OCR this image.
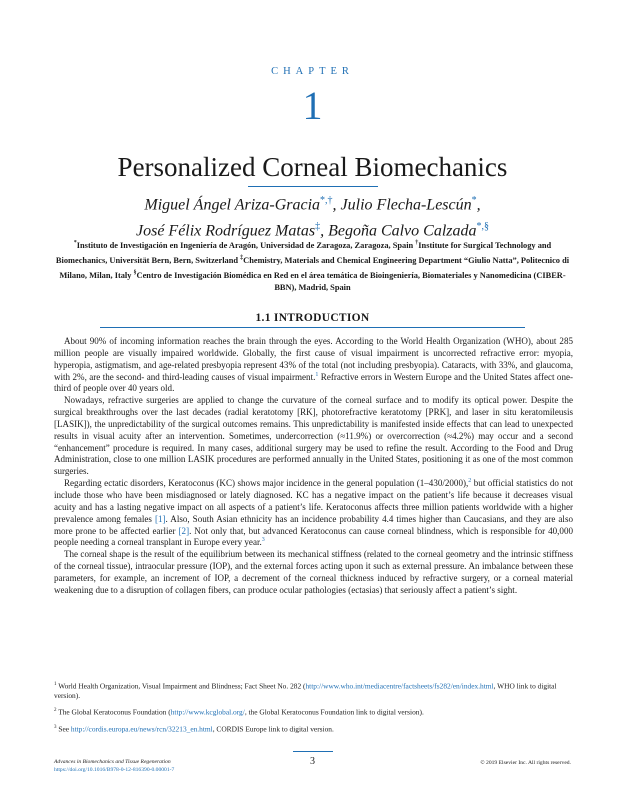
CHAPTER
1
Personalized Corneal Biomechanics
Miguel Ángel Ariza-Gracia*,†, Julio Flecha-Lescún*,
José Félix Rodríguez Matas‡, Begoña Calvo Calzada*,§
*Instituto de Investigación en Ingeniería de Aragón, Universidad de Zaragoza, Zaragoza, Spain †Institute for Surgical Technology and Biomechanics, Universität Bern, Bern, Switzerland ‡Chemistry, Materials and Chemical Engineering Department “Giulio Natta”, Politecnico di Milano, Milan, Italy §Centro de Investigación Biomédica en Red en el área temática de Bioingeniería, Biomateriales y Nanomedicina (CIBER-BBN), Madrid, Spain
1.1 INTRODUCTION

About 90% of incoming information reaches the brain through the eyes. According to the World Health Organization (WHO), about 285 million people are visually impaired worldwide. Globally, the first cause of visual impairment is uncorrected refractive error: myopia, hyperopia, astigmatism, and age-related presbyopia represent 43% of the total (not including presbyopia). Cataracts, with 33%, and glaucoma, with 2%, are the second- and third-leading causes of visual impairment.$^1$ Refractive errors in Western Europe and the United States affect one-third of people over 40 years old.

Nowadays, refractive surgeries are applied to change the curvature of the corneal surface and to modify its optical power. Despite the surgical breakthroughs over the last decades (radial keratotomy [RK], photorefractive keratotomy [PRK], and laser in situ keratomileusis [LASIK]), the unpredictability of the surgical outcomes remains. This unpredictability is manifested inside effects that can lead to unexpected results in visual acuity after an intervention. Sometimes, undercorrection (≈11.9%) or overcorrection (≈4.2%) may occur and a second “enhancement” procedure is required. In many cases, additional surgery may be used to refine the result. According to the Food and Drug Administration, close to one million LASIK procedures are performed annually in the United States, positioning it as one of the most common surgeries.

Regarding ectatic disorders, Keratoconus (KC) shows major incidence in the general population (1–430/2000),$^2$ but official statistics do not include those who have been misdiagnosed or lately diagnosed. KC has a negative impact on the patient’s life because it decreases visual acuity and has a lasting negative impact on all aspects of a patient’s life. Keratoconus affects three million patients worldwide with a higher prevalence among females [1]. Also, South Asian ethnicity has an incidence probability 4.4 times higher than Caucasians, and they are also more prone to be affected earlier [2]. Not only that, but advanced Keratoconus can cause corneal blindness, which is responsible for 40,000 people needing a corneal transplant in Europe every year.$^3$

The corneal shape is the result of the equilibrium between its mechanical stiffness (related to the corneal geometry and the intrinsic stiffness of the corneal tissue), intraocular pressure (IOP), and the external forces acting upon it such as external pressure. An imbalance between these parameters, for example, an increment of IOP, a decrement of the corneal thickness induced by refractive surgery, or a corneal material weakening due to a disruption of collagen fibers, can produce ocular pathologies (ectasias) that seriously affect a patient’s sight.

$^1$ World Health Organization, Visual Impairment and Blindness; Fact Sheet No. 282 (http://www.who.int/mediacentre/factsheets/fs282/en/index.html, WHO link to digital version).

$^2$ The Global Keratoconus Foundation (http://www.kcglobal.org/, the Global Keratoconus Foundation link to digital version).

$^3$ See http://cordis.europa.eu/news/rcn/32213_en.html, CORDIS Europe link to digital version.

Advances in Biomechanics and Tissue Regeneration
https://doi.org/10.1016/B978-0-12-816390-0.00001-7
3	© 2019 Elsevier Inc. All rights reserved.
